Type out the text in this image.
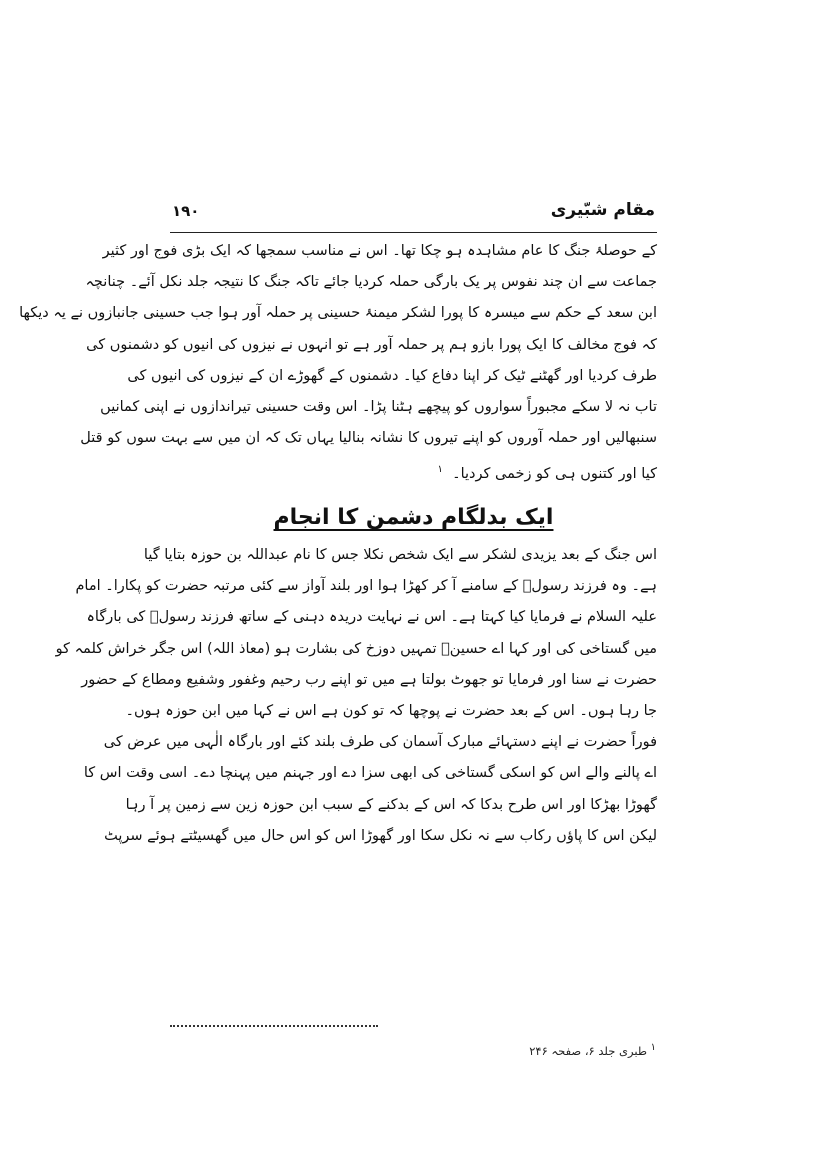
مقام شبّیری
۱۹۰
کے حوصلۂ جنگ کا عام مشاہدہ ہو چکا تھا۔ اس نے مناسب سمجھا کہ ایک بڑی فوج اور کثیر
جماعت سے ان چند نفوس پر یک بارگی حملہ کردیا جائے تاکہ جنگ کا نتیجہ جلد نکل آئے۔ چنانچہ
ابن سعد کے حکم سے میسرہ کا پورا لشکر میمنۂ حسینی پر حملہ آور ہوا جب حسینی جانبازوں نے یہ دیکھا
کہ فوج مخالف کا ایک پورا بازو ہم پر حملہ آور ہے تو انہوں نے نیزوں کی انیوں کو دشمنوں کی
طرف کردیا اور گھٹنے ٹیک کر اپنا دفاع کیا۔ دشمنوں کے گھوڑے ان کے نیزوں کی انیوں کی
تاب نہ لا سکے مجبوراً سواروں کو پیچھے ہٹنا پڑا۔ اس وقت حسینی تیراندازوں نے اپنی کمانیں
سنبھالیں اور حملہ آوروں کو اپنے تیروں کا نشانہ بنالیا یہاں تک کہ ان میں سے بہت سوں کو قتل
کیا اور کتنوں ہی کو زخمی کردیا۔  $^۱$
ایک بدلگام دشمن کا انجام
اس جنگ کے بعد یزیدی لشکر سے ایک شخص نکلا جس کا نام عبداللہ بن حوزہ بتایا گیا
ہے۔ وہ فرزند رسولؐ کے سامنے آ کر کھڑا ہوا اور بلند آواز سے کئی مرتبہ حضرت کو پکارا۔ امام
علیہ السلام نے فرمایا کیا کہتا ہے۔ اس نے نہایت دریدہ دہنی کے ساتھ فرزند رسولؐ کی بارگاہ
میں گستاخی کی اور کہا اے حسینؑ تمہیں دوزخ کی بشارت ہو (معاذ اللہ) اس جگر خراش کلمہ کو
حضرت نے سنا اور فرمایا تو جھوٹ بولتا ہے میں تو اپنے رب رحیم وغفور وشفیع ومطاع کے حضور
جا رہا ہوں۔ اس کے بعد حضرت نے پوچھا کہ تو کون ہے اس نے کہا میں ابن حوزہ ہوں۔
فوراً حضرت نے اپنے دستہائے مبارک آسمان کی طرف بلند کئے اور بارگاہ الٰہی میں عرض کی
اے پالنے والے اس کو اسکی گستاخی کی ابھی سزا دے اور جہنم میں پہنچا دے۔ اسی وقت اس کا
گھوڑا بھڑکا اور اس طرح بدکا کہ اس کے بدکنے کے سبب ابن حوزہ زین سے زمین پر آ رہا
لیکن اس کا پاؤں رکاب سے نہ نکل سکا اور گھوڑا اس کو اس حال میں گھسیٹتے ہوئے سرپٹ
۱ طبری جلد ۶، صفحہ ۲۴۶
